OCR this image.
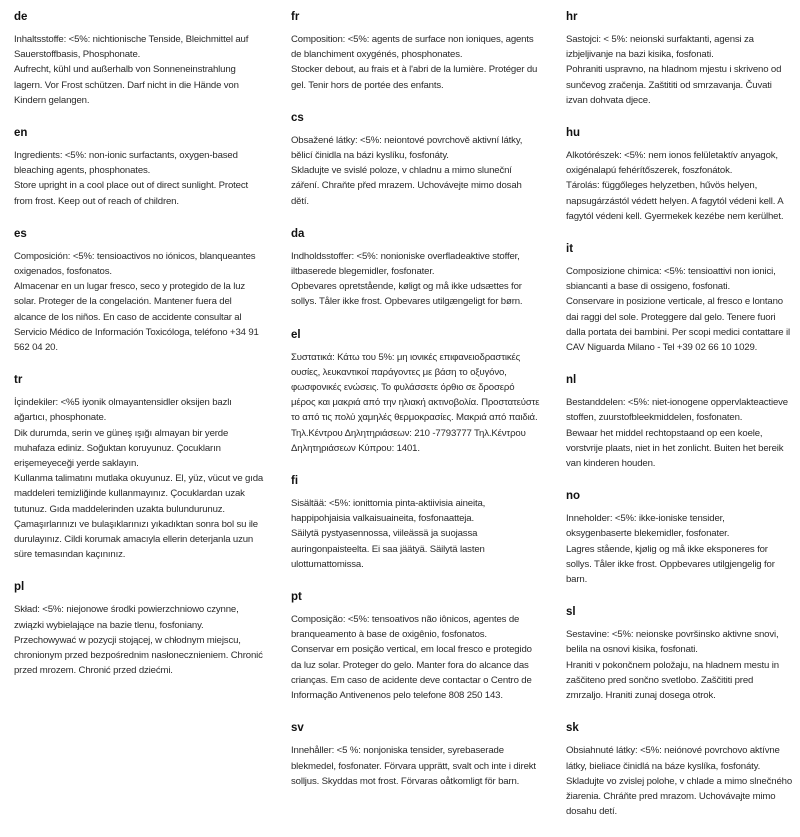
de

Inhaltsstoffe: <5%: nichtionische Tenside, Bleichmittel auf Sauerstoffbasis, Phosphonate.

Aufrecht, kühl und außerhalb von Sonneneinstrahlung lagern. Vor Frost schützen. Darf nicht in die Hände von Kindern gelangen.

en

Ingredients: <5%: non-ionic surfactants, oxygen-based bleaching agents, phosphonates.

Store upright in a cool place out of direct sunlight. Protect from frost. Keep out of reach of children.

es

Composición: <5%: tensioactivos no iónicos, blanqueantes oxigenados, fosfonatos.

Almacenar en un lugar fresco, seco y protegido de la luz solar. Proteger de la congelación. Mantener fuera del alcance de los niños. En caso de accidente consultar al Servicio Médico de Información Toxicóloga, teléfono +34 91 562 04 20.

tr

İçindekiler: <%5 iyonik olmayantensidler oksijen bazlı ağartıcı, phosphonate.

Dik durumda, serin ve güneş ışığı almayan bir yerde muhafaza ediniz. Soğuktan koruyunuz. Çocukların erişemeyeceği yerde saklayın.

Kullanma talimatını mutlaka okuyunuz. El, yüz, vücut ve gıda maddeleri temizliğinde kullanmayınız. Çocuklardan uzak tutunuz. Gıda maddelerinden uzakta bulundurunuz. Çamaşırlarınızı ve bulaşıklarınızı yıkadıktan sonra bol su ile durulayınız. Cildi korumak amacıyla ellerin deterjanla uzun süre temasından kaçınınız.

pl

Skład: <5%: niejonowe środki powierzchniowo czynne, związki wybielające na bazie tlenu, fosfoniany.

Przechowywać w pozycji stojącej, w chłodnym miejscu, chronionym przed bezpośrednim nasłonecznieniem. Chronić przed mrozem. Chronić przed dziećmi.

fr

Composition: <5%: agents de surface non ioniques, agents de blanchiment oxygénés, phosphonates.

Stocker debout, au frais et à l'abri de la lumière. Protéger du gel. Tenir hors de portée des enfants.

cs

Obsažené látky: <5%: neiontové povrchově aktivní látky, bělicí činidla na bázi kyslíku, fosfonáty.

Skladujte ve svislé poloze, v chladnu a mimo sluneční záření. Chraňte před mrazem. Uchovávejte mimo dosah dětí.

da

Indholdsstoffer: <5%: nonioniske overfladeaktive stoffer, iltbaserede blegemidler, fosfonater.

Opbevares opretstående, køligt og må ikke udsættes for sollys. Tåler ikke frost. Opbevares utilgængeligt for børn.

el

Συστατικά: Κάτω του 5%: μη ιονικές επιφανειοδραστικές ουσίες, λευκαντικοί παράγοντες με βάση το οξυγόνο, φωσφονικές ενώσεις. Το φυλάσσετε όρθιο σε δροσερό μέρος και μακριά από την ηλιακή ακτινοβολία. Προστατεύστε το από τις πολύ χαμηλές θερμοκρασίες. Μακριά από παιδιά. Τηλ.Κέντρου Δηλητηριάσεων: 210 -7793777 Τηλ.Κέντρου Δηλητηριάσεων Κύπρου: 1401.

fi

Sisältää: <5%: ionittomia pinta-aktiivisia aineita, happipohjaisia valkaisuaineita, fosfonaatteja.

Säilytä pystyasennossa, viileässä ja suojassa auringonpaisteelta. Ei saa jäätyä. Säilytä lasten ulottumattomissa.

pt

Composição: <5%: tensoativos não iônicos, agentes de branqueamento à base de oxigênio, fosfonatos.

Conservar em posição vertical, em local fresco e protegido da luz solar. Proteger do gelo. Manter fora do alcance das crianças. Em caso de acidente deve contactar o Centro de Informação Antivenenos pelo telefone 808 250 143.

sv

Innehåller: <5 %: nonjoniska tensider, syrebaserade blekmedel, fosfonater. Förvara upprätt, svalt och inte i direkt solljus. Skyddas mot frost. Förvaras oåtkomligt för barn.

hr

Sastojci: < 5%: neionski surfaktanti, agensi za izbjeljivanje na bazi kisika, fosfonati.

Pohraniti uspravno, na hladnom mjestu i skriveno od sunčevog zračenja. Zaštititi od smrzavanja. Čuvati izvan dohvata djece.

hu

Alkotórészek: <5%: nem ionos felületaktív anyagok, oxigénalapú fehérítőszerek, foszfonátok.

Tárolás: függőleges helyzetben, hűvös helyen, napsugárzástól védett helyen. A fagytól védeni kell. A fagytól védeni kell. Gyermekek kezébe nem kerülhet.

it

Composizione chimica: <5%: tensioattivi non ionici, sbiancanti a base di ossigeno, fosfonati.

Conservare in posizione verticale, al fresco e lontano dai raggi del sole. Proteggere dal gelo. Tenere fuori dalla portata dei bambini. Per scopi medici contattare il CAV Niguarda Milano - Tel +39 02 66 10 1029.

nl

Bestanddelen: <5%: niet-ionogene oppervlakteactieve stoffen, zuurstofbleekmiddelen, fosfonaten.

Bewaar het middel rechtopstaand op een koele, vorstvrije plaats, niet in het zonlicht. Buiten het bereik van kinderen houden.

no

Inneholder: <5%: ikke-ioniske tensider, oksygenbaserte blekemidler, fosfonater.

Lagres stående, kjølig og må ikke eksponeres for sollys. Tåler ikke frost. Oppbevares utilgjengelig for barn.

sl

Sestavine: <5%: neionske površinsko aktivne snovi, belila na osnovi kisika, fosfonati.

Hraniti v pokončnem položaju, na hladnem mestu in zaščiteno pred sončno svetlobo. Zaščititi pred zmrzaljo. Hraniti zunaj dosega otrok.

sk

Obsiahnuté látky: <5%: neiónové povrchovo aktívne látky, bieliace činidlá na báze kyslíka, fosfonáty.

Skladujte vo zvislej polohe, v chlade a mimo slnečného žiarenia. Chráňte pred mrazom. Uchovávajte mimo dosahu detí.
